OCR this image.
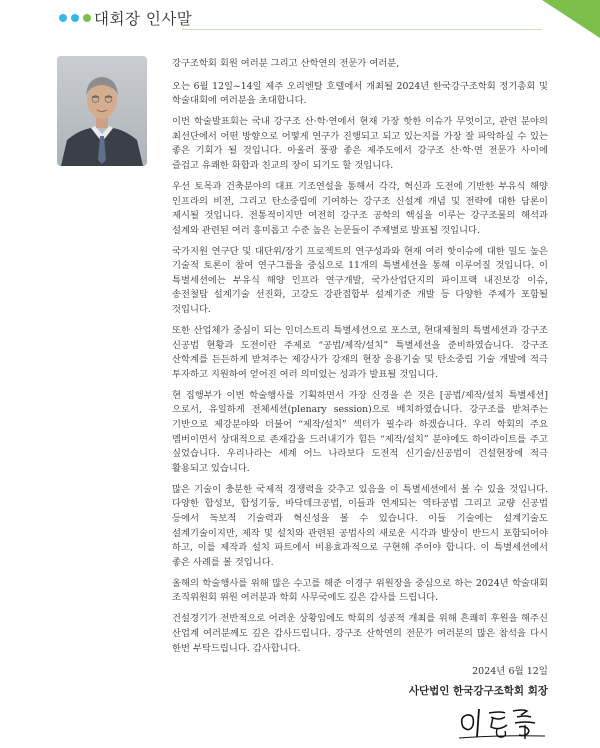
대회장 인사말

강구조학회 회원 여러분 그리고 산학연의 전문가 여러분,

오는 6월 12일~14일 제주 오리엔탈 호텔에서 개최될 2024년 한국강구조학회 정기총회 및 학술대회에 여러분을 초대합니다.

이번 학술발표회는 국내 강구조 산·학·연에서 현재 가장 핫한 이슈가 무엇이고, 관련 분야의 최선단에서 어떤 방향으로 어떻게 연구가 진행되고 되고 있는지를 가장 잘 파악하실 수 있는 좋은 기회가 될 것입니다. 아울러 풍광 좋은 제주도에서 강구조 산·학·연 전문가 사이에 즐겁고 유쾌한 화합과 친교의 장이 되기도 할 것입니다.

우선 토목과 건축분야의 대표 기조연설을 통해서 각각, 혁신과 도전에 기반한 부유식 해양 인프라의 비전, 그리고 탄소중립에 기여하는 강구조 신설계 개념 및 전략에 대한 담론이 제시될 것입니다. 전통적이지만 여전히 강구조 공학의 핵심을 이루는 강구조물의 해석과 설계와 관련된 여러 흥미롭고 수준 높은 논문들이 주제별로 발표될 것입니다.

국가지원 연구단 및 대단위/장기 프로젝트의 연구성과와 현재 여러 핫이슈에 대한 밀도 높은 기술적 토론이 참여 연구그룹을 중심으로 11개의 특별세션을 통해 이루어질 것입니다. 이 특별세션에는 부유식 해양 인프라 연구개발, 국가산업단지의 파이프랙 내진보강 이슈, 송전철탑 설계기술 선진화, 고강도 강관접합부 설계기준 개발 등 다양한 주제가 포함될 것입니다.

또한 산업체가 중심이 되는 인더스트리 특별세션으로 포스코, 현대제철의 특별세션과 강구조 신공법 현황과 도전이란 주제로 “공법/제작/설치” 특별세션을 준비하였습니다. 강구조 산학계를 든든하게 받쳐주는 제강사가 강재의 현장 응용기술 및 탄소중립 기술 개발에 적극 투자하고 지원하여 얻어진 여러 의미있는 성과가 발표될 것입니다.

현 집행부가 이번 학술행사를 기획하면서 가장 신경을 쓴 것은 [공법/제작/설치 특별세션]으로서, 유일하게 전체세션(plenary session)으로 배치하였습니다. 강구조를 받쳐주는 기반으로 제강분야와 더불어 “제작/설치” 섹터가 필수라 하겠습니다. 우리 학회의 주요 멤버이면서 상대적으로 존재감을 드러내기가 힘든 “제작/설치” 분야에도 하이라이트를 주고 싶었습니다. 우리나라는 세계 어느 나라보다 도전적 신기술/신공법이 건설현장에 적극 활용되고 있습니다.

많은 기술이 충분한 국제적 경쟁력을 갖추고 있음을 이 특별세션에서 볼 수 있을 것입니다. 다양한 합성보, 합성기둥, 바닥데크공법, 이들과 연계되는 역타공법 그리고 교량 신공법 등에서 독보적 기술력과 혁신성을 볼 수 있습니다. 이들 기술에는 설계기술도 설계기술이지만, 제작 및 설치와 관련된 공법사의 새로운 시각과 발상이 반드시 포함되어야 하고, 이를 제작과 설치 파트에서 비용효과적으로 구현해 주어야 합니다. 이 특별세션에서 좋은 사례를 볼 것입니다.

올해의 학술행사를 위해 많은 수고를 해준 이경구 위원장을 중심으로 하는 2024년 학술대회 조직위원회 위원 여러분과 학회 사무국에도 깊은 감사를 드립니다.

건설경기가 전반적으로 어려운 상황임에도 학회의 성공적 개최를 위해 흔쾌히 후원을 해주신 산업계 여러분께도 깊은 감사드립니다. 강구조 산학연의 전문가 여러분의 많은 참석을 다시 한번 부탁드립니다. 감사합니다.

2024년 6월 12일
사단법인 한국강구조학회 회장
